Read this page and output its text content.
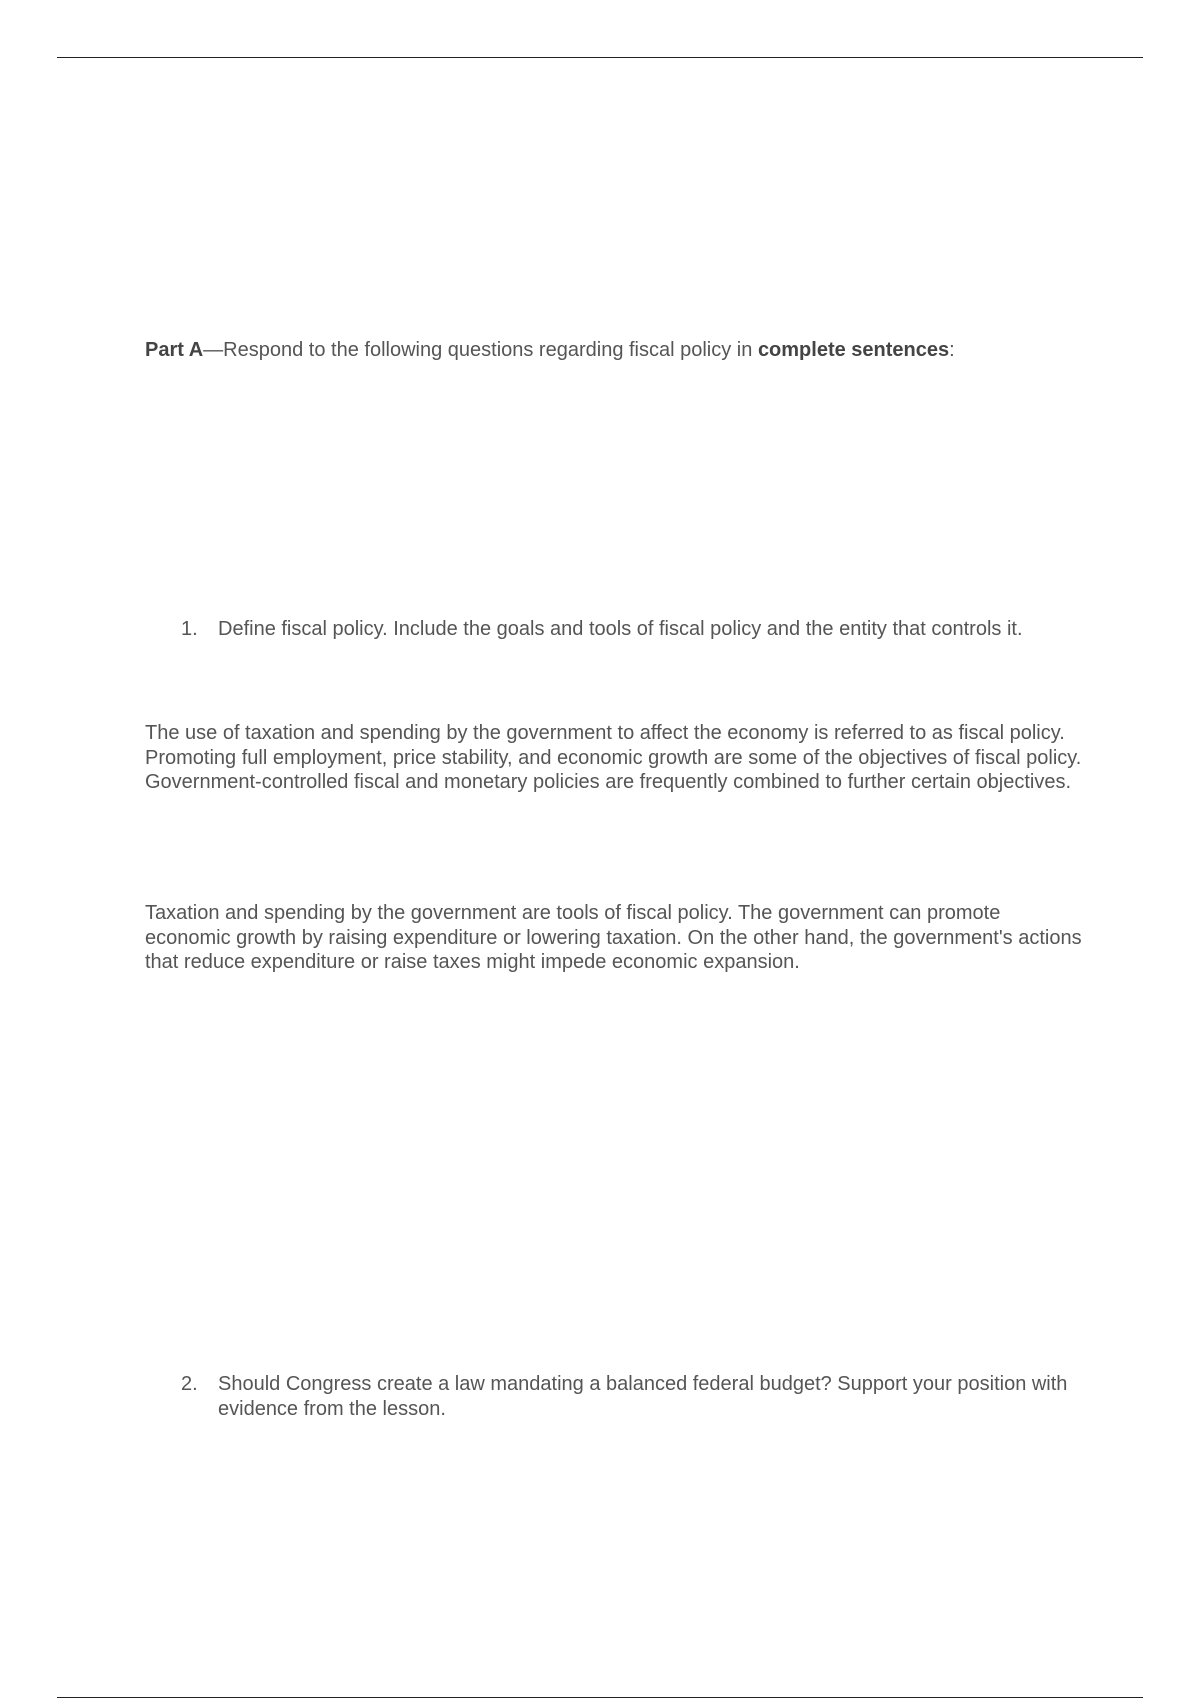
Part A—Respond to the following questions regarding fiscal policy in complete sentences:
1. Define fiscal policy. Include the goals and tools of fiscal policy and the entity that controls it.

The use of taxation and spending by the government to affect the economy is referred to as fiscal policy. Promoting full employment, price stability, and economic growth are some of the objectives of fiscal policy. Government-controlled fiscal and monetary policies are frequently combined to further certain objectives.

Taxation and spending by the government are tools of fiscal policy. The government can promote economic growth by raising expenditure or lowering taxation. On the other hand, the government's actions that reduce expenditure or raise taxes might impede economic expansion.

2. Should Congress create a law mandating a balanced federal budget? Support your position with evidence from the lesson.
